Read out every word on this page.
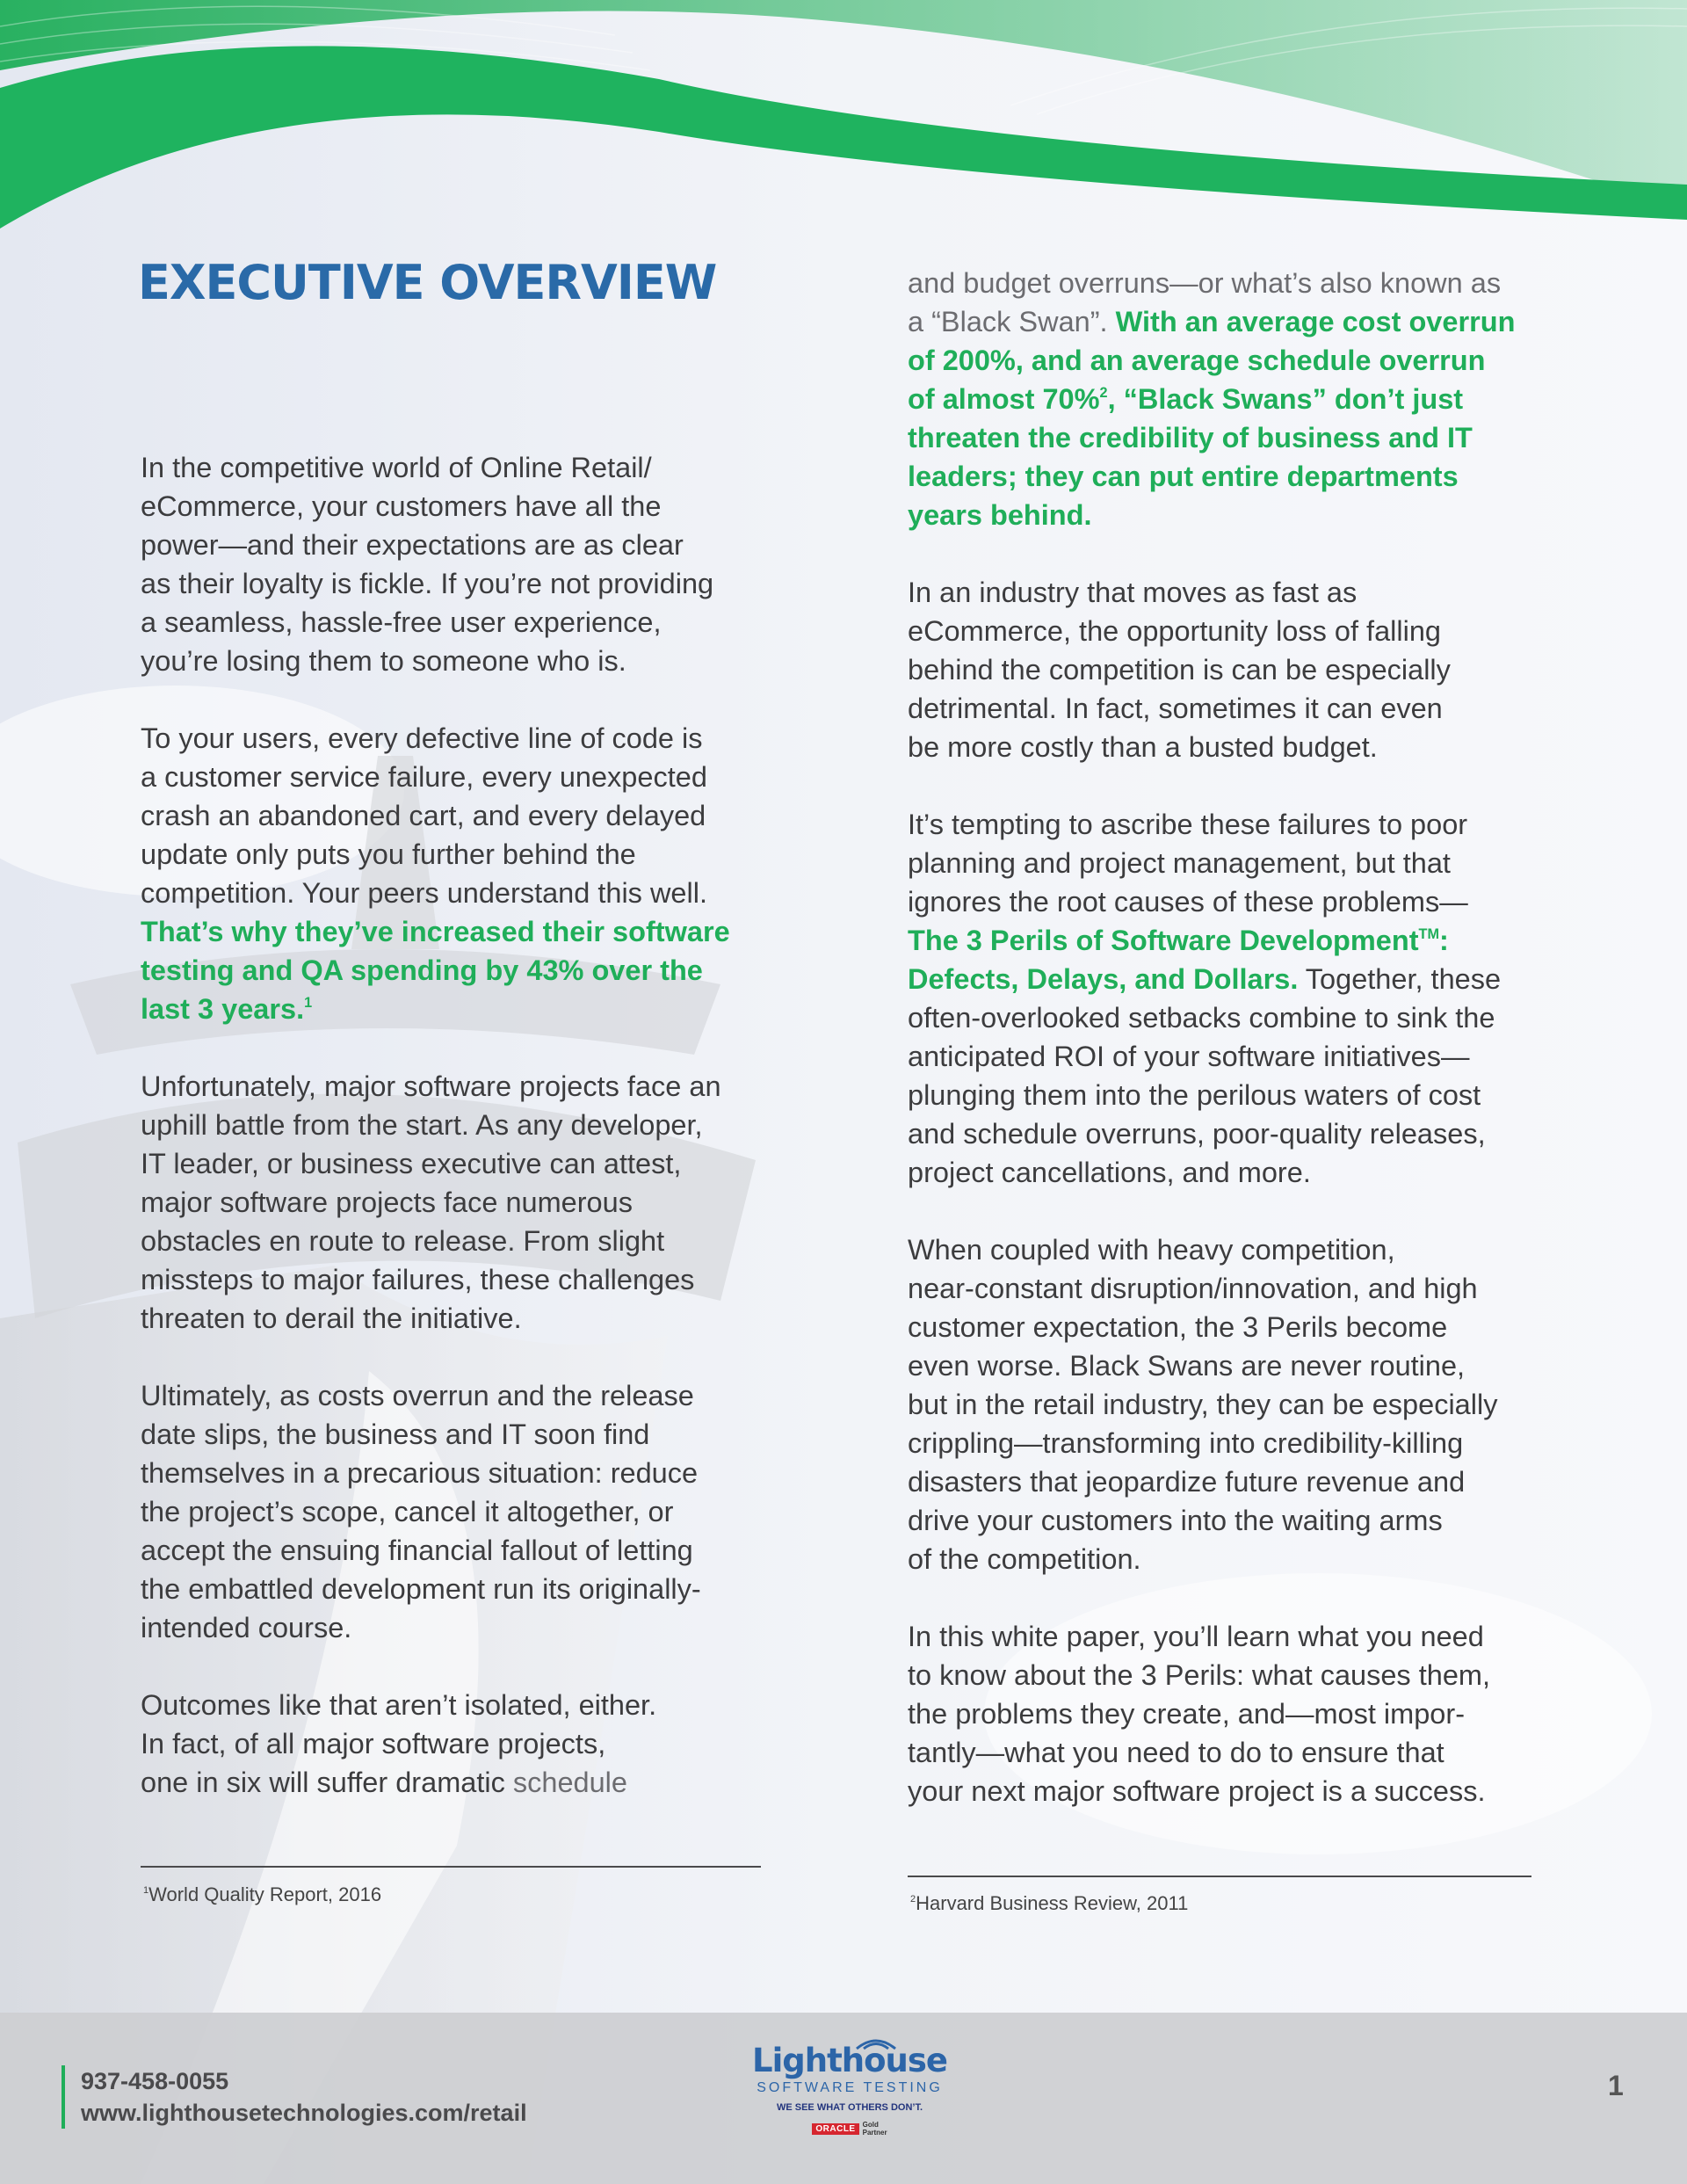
EXECUTIVE OVERVIEW

In the competitive world of Online Retail/
eCommerce, your customers have all the
power—and their expectations are as clear
as their loyalty is fickle. If you’re not providing
a seamless, hassle-free user experience,
you’re losing them to someone who is.

To your users, every defective line of code is
a customer service failure, every unexpected
crash an abandoned cart, and every delayed
update only puts you further behind the
competition. Your peers understand this well.
That’s why they’ve increased their software
testing and QA spending by 43% over the
last 3 years.$^1$

Unfortunately, major software projects face an
uphill battle from the start. As any developer,
IT leader, or business executive can attest,
major software projects face numerous
obstacles en route to release. From slight
missteps to major failures, these challenges
threaten to derail the initiative.

Ultimately, as costs overrun and the release
date slips, the business and IT soon find
themselves in a precarious situation: reduce
the project’s scope, cancel it altogether, or
accept the ensuing financial fallout of letting
the embattled development run its originally-
intended course.

Outcomes like that aren’t isolated, either.
In fact, of all major software projects,
one in six will suffer dramatic schedule

$^1$World Quality Report, 2016

and budget overruns—or what’s also known as
a “Black Swan”. With an average cost overrun
of 200%, and an average schedule overrun
of almost 70%$^2$, “Black Swans” don’t just
threaten the credibility of business and IT
leaders; they can put entire departments
years behind.

In an industry that moves as fast as
eCommerce, the opportunity loss of falling
behind the competition is can be especially
detrimental. In fact, sometimes it can even
be more costly than a busted budget.

It’s tempting to ascribe these failures to poor
planning and project management, but that
ignores the root causes of these problems—
The 3 Perils of Software Development™:
Defects, Delays, and Dollars. Together, these
often-overlooked setbacks combine to sink the
anticipated ROI of your software initiatives—
plunging them into the perilous waters of cost
and schedule overruns, poor-quality releases,
project cancellations, and more.

When coupled with heavy competition,
near-constant disruption/innovation, and high
customer expectation, the 3 Perils become
even worse. Black Swans are never routine,
but in the retail industry, they can be especially
crippling—transforming into credibility-killing
disasters that jeopardize future revenue and
drive your customers into the waiting arms
of the competition.

In this white paper, you’ll learn what you need
to know about the 3 Perils: what causes them,
the problems they create, and—most impor-
tantly—what you need to do to ensure that
your next major software project is a success.

$^2$Harvard Business Review, 2011
937-458-0055
www.lighthousetechnologies.com/retail
Lighthouse
SOFTWARE TESTING
WE SEE WHAT OTHERS DON’T.
ORACLE	Gold
Partner
1
